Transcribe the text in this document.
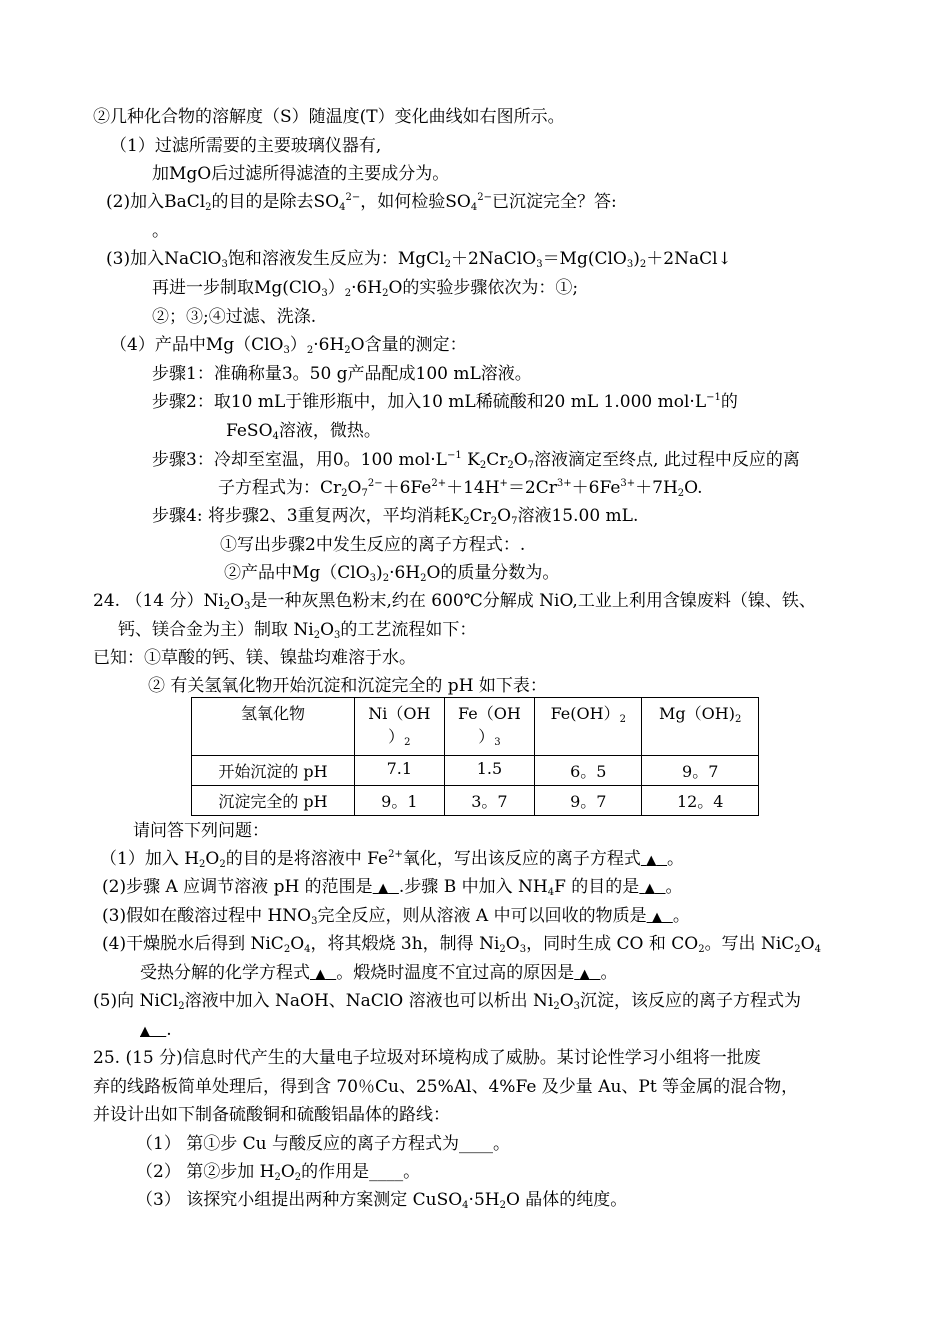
②几种化合物的溶解度（S）随温度(T）变化曲线如右图所示。
（1）过滤所需要的主要玻璃仪器有,
加MgO后过滤所得滤渣的主要成分为。
(2)加入BaCl$_2$的目的是除去$SO_4^{2-}$，如何检验$SO_4^{2-}$已沉淀完全？答:
。
(3)加入NaClO$_3$饱和溶液发生反应为：$MgCl_2+2NaClO_3=Mg(ClO_3)_2+2NaCl↓$
再进一步制取$Mg(ClO_3)_2\cdot 6H_2O$的实验步骤依次为：①;
②；③;④过滤、洗涤.
（4）产品中$Mg(ClO_3)_2\cdot 6H_2O$含量的测定：
步骤1：准确称量3。50 g产品配成100 mL溶液。
步骤2：取10 mL于锥形瓶中，加入10 mL稀硫酸和20 mL 1.000 $mol\cdot L^{-1}$的
FeSO$_4$溶液，微热。
步骤3：冷却至室温，用0。100 $mol\cdot L^{-1}$ $K_2Cr_2O_7$溶液滴定至终点, 此过程中反应的离
子方程式为：$Cr_2O_7^{2-}+6Fe^{2+}+14H^+=2Cr^{3+}+6Fe^{3+}+7H_2O$.
步骤4: 将步骤2、3重复两次，平均消耗$K_2Cr_2O_7$溶液15.00 mL.
①写出步骤2中发生反应的离子方程式：.
②产品中$Mg(ClO_3)_2\cdot 6H_2O$的质量分数为。
24. （14 分）$Ni_2O_3$是一种灰黑色粉末,约在 600℃分解成 NiO,工业上利用含镍废料（镍、铁、
钙、镁合金为主）制取 $Ni_2O_3$的工艺流程如下：
已知：①草酸的钙、镁、镍盐均难溶于水。
② 有关氢氧化物开始沉淀和沉淀完全的 pH 如下表：
氢氧化物	Ni（OH
）$_2$	Fe（OH
）$_3$	$Fe(OH)_2$	$Mg(OH)_2$
开始沉淀的 pH	7.1	1.5	6。5	9。7
沉淀完全的 pH	9。1	3。7	9。7	12。4
请问答下列问题：
（1）加入 $H_2O_2$的目的是将溶液中 $Fe^{2+}$氧化，写出该反应的离子方程式 ▲ 。
(2)步骤 A 应调节溶液 pH 的范围是 ▲ .步骤 B 中加入 $NH_4F$ 的目的是 ▲ 。
(3)假如在酸溶过程中 $HNO_3$完全反应，则从溶液 A 中可以回收的物质是 ▲ 。
(4)干燥脱水后得到 $NiC_2O_4$，将其煅烧 3h，制得 $Ni_2O_3$，同时生成 CO 和 $CO_2$。写出 $NiC_2O_4$
受热分解的化学方程式 ▲ 。煅烧时温度不宜过高的原因是 ▲ 。
(5)向 NiCl$_2$溶液中加入 NaOH、NaClO 溶液也可以析出 $Ni_2O_3$沉淀，该反应的离子方程式为
▲ .
25. (15 分)信息时代产生的大量电子垃圾对环境构成了威胁。某讨论性学习小组将一批废
弃的线路板简单处理后，得到含 70％Cu、25%Al、4%Fe 及少量 Au、Pt 等金属的混合物，
并设计出如下制备硫酸铜和硫酸铝晶体的路线：
（1） 第①步 Cu 与酸反应的离子方程式为____。
（2） 第②步加 $H_2O_2$的作用是____。
（3） 该探究小组提出两种方案测定 $CuSO_4\cdot 5H_2O$ 晶体的纯度。
